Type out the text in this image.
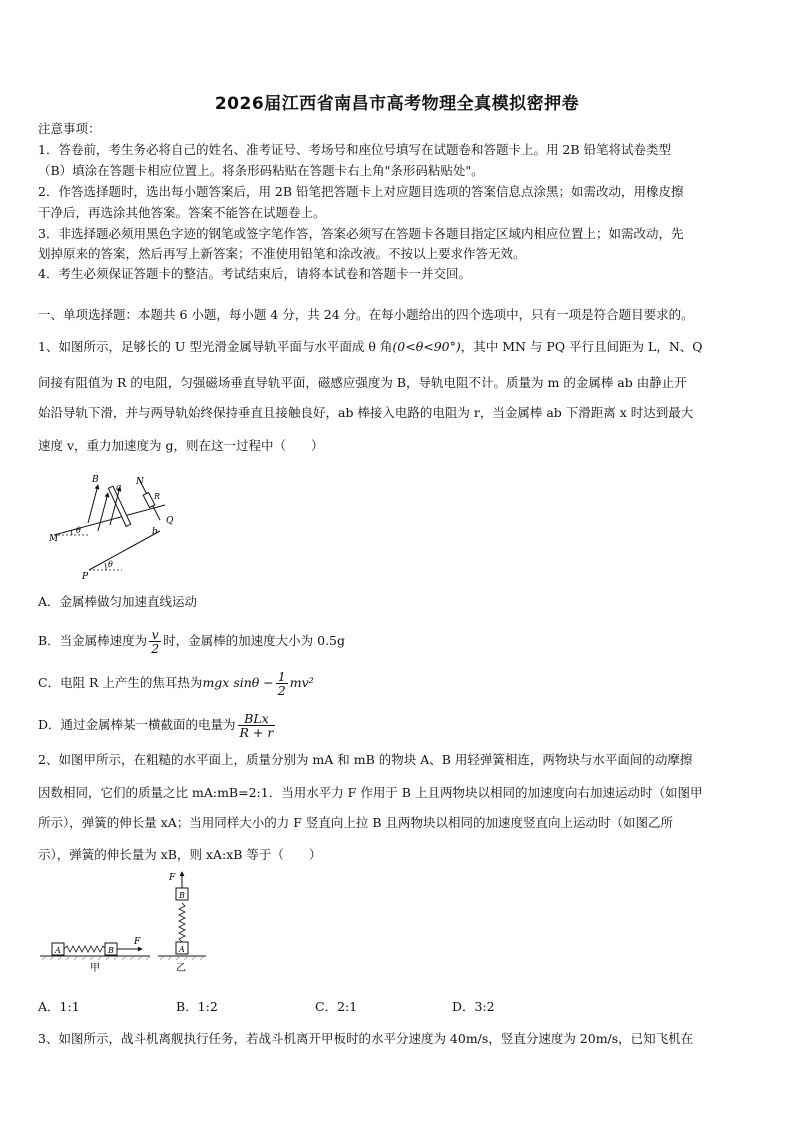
2026届江西省南昌市高考物理全真模拟密押卷
注意事项：
1．答卷前，考生务必将自己的姓名、准考证号、考场号和座位号填写在试题卷和答题卡上。用 2B 铅笔将试卷类型
（B）填涂在答题卡相应位置上。将条形码粘贴在答题卡右上角"条形码粘贴处"。
2．作答选择题时，选出每小题答案后，用 2B 铅笔把答题卡上对应题目选项的答案信息点涂黑；如需改动，用橡皮擦
干净后，再选涂其他答案。答案不能答在试题卷上。
3．非选择题必须用黑色字迹的钢笔或签字笔作答，答案必须写在答题卡各题目指定区域内相应位置上；如需改动，先
划掉原来的答案，然后再写上新答案；不准使用铅笔和涂改液。不按以上要求作答无效。
4．考生必须保证答题卡的整洁。考试结束后，请将本试卷和答题卡一并交回。
一、单项选择题：本题共 6 小题，每小题 4 分，共 24 分。在每小题给出的四个选项中，只有一项是符合题目要求的。
1、如图所示，足够长的 U 型光滑金属导轨平面与水平面成 θ 角(0<θ<90°)，其中 MN 与 PQ 平行且间距为 L，N、Q
间接有阻值为 R 的电阻，匀强磁场垂直导轨平面，磁感应强度为 B，导轨电阻不计。质量为 m 的金属棒 ab 由静止开
始沿导轨下滑，并与两导轨始终保持垂直且接触良好，ab 棒接入电路的电阻为 r，当金属棒 ab 下滑距离 x 时达到最大
速度 v，重力加速度为 g，则在这一过程中（　　）
B
a
N
R
Q
b
M
θ
θ
P
A．金属棒做匀加速直线运动
B．当金属棒速度为 $\frac{v}{2}$ 时，金属棒的加速度大小为 0.5g
C．电阻 R 上产生的焦耳热为mgx $\sin\theta - \frac{1}{2} mv^2$
D．通过金属棒某一横截面的电量为 $\frac{\text{BLx}}{R + r}$
2、如图甲所示，在粗糙的水平面上，质量分别为 mA 和 mB 的物块 A、B 用轻弹簧相连，两物块与水平面间的动摩擦
因数相同，它们的质量之比 mA:mB=2:1．当用水平力 F 作用于 B 上且两物块以相同的加速度向右加速运动时（如图甲
所示），弹簧的伸长量 xA；当用同样大小的力 F 竖直向上拉 B 且两物块以相同的加速度竖直向上运动时（如图乙所
示），弹簧的伸长量为 xB，则 xA:xB 等于（　　）
A	B
F
甲
A
B
F
乙
A．1:1	B．1:2	C．2:1	D．3:2
3、如图所示，战斗机离舰执行任务，若战斗机离开甲板时的水平分速度为 40m/s，竖直分速度为 20m/s，已知飞机在
